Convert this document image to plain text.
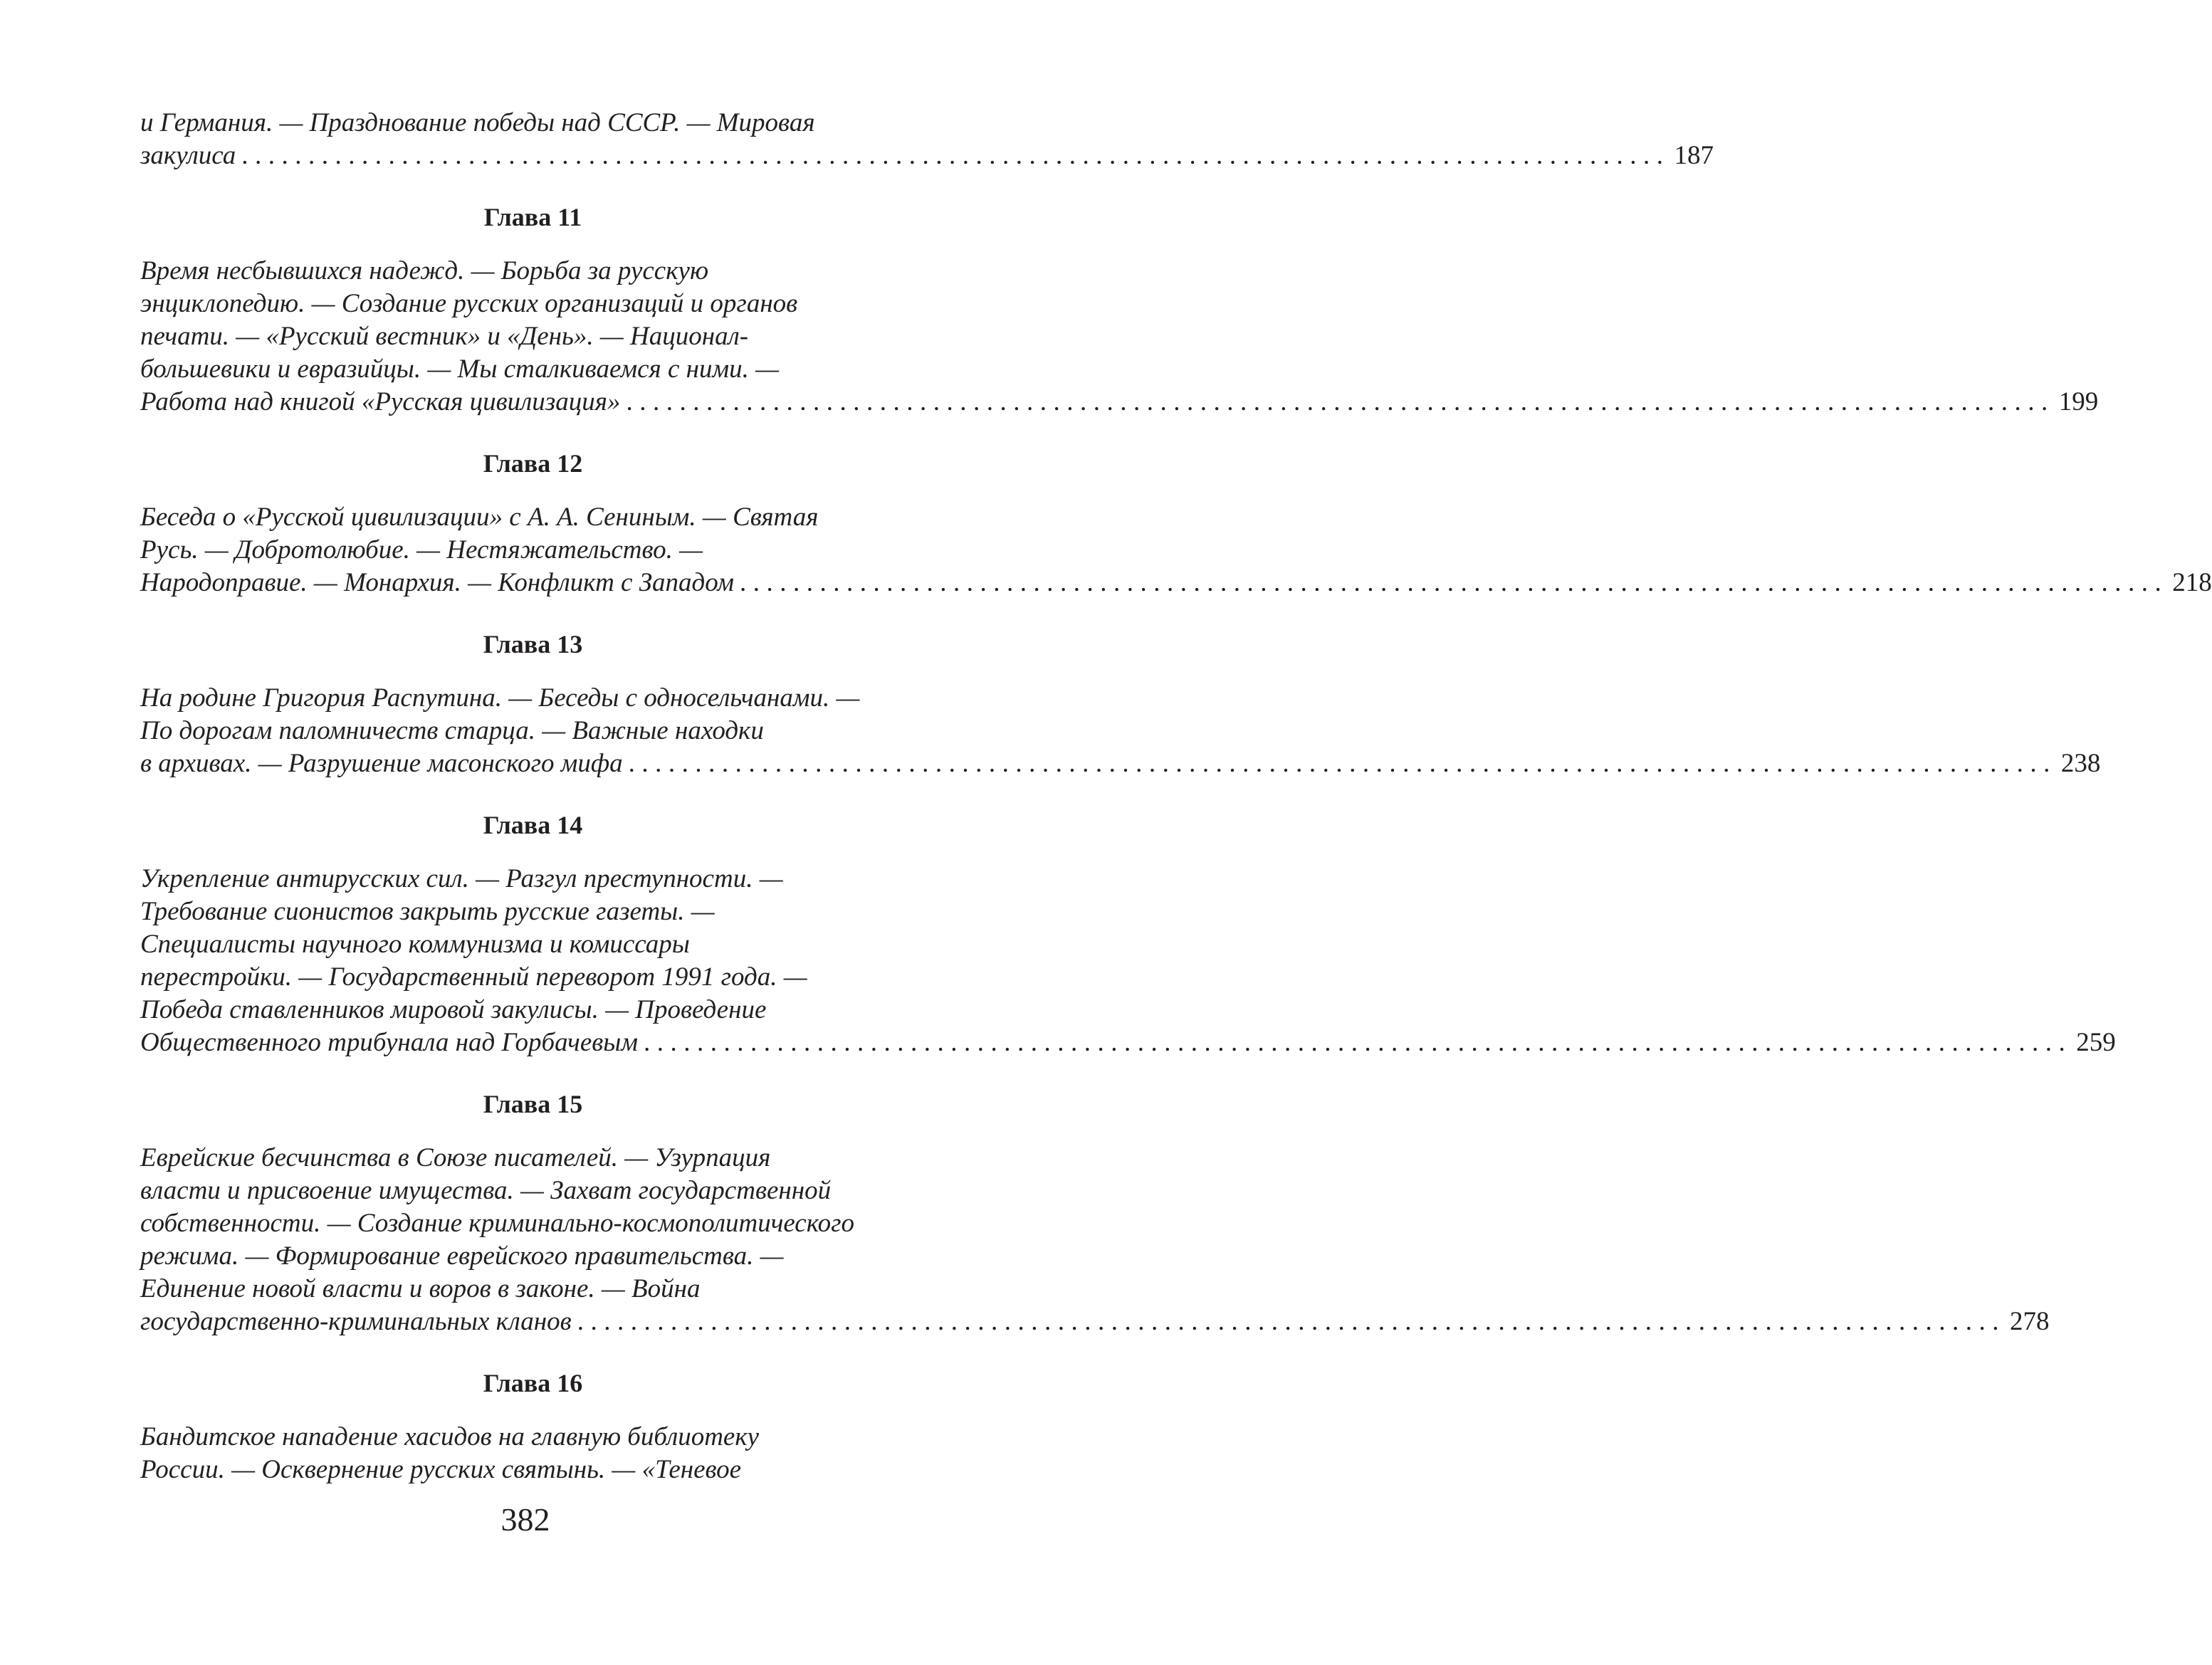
и Германия. — Празднование победы над СССР. — Мировая
закулиса ........................................................................................................... 187
Глава 11
Время несбывшихся надежд. — Борьба за русскую
энциклопедию. — Создание русских организаций и органов
печати. — «Русский вестник» и «День». — Национал-
большевики и евразийцы. — Мы сталкиваемся с ними. —
Работа над книгой «Русская цивилизация» ........................................................................................................... 199
Глава 12
Беседа о «Русской цивилизации» с А. А. Сениным. — Святая
Русь. — Добротолюбие. — Нестяжательство. —
Народоправие. — Монархия. — Конфликт с Западом ........................................................................................................... 218
Глава 13
На родине Григория Распутина. — Беседы с односельчанами. —
По дорогам паломничеств старца. — Важные находки
в архивах. — Разрушение масонского мифа ........................................................................................................... 238
Глава 14
Укрепление антирусских сил. — Разгул преступности. —
Требование сионистов закрыть русские газеты. —
Специалисты научного коммунизма и комиссары
перестройки. — Государственный переворот 1991 года. —
Победа ставленников мировой закулисы. — Проведение
Общественного трибунала над Горбачевым ........................................................................................................... 259
Глава 15
Еврейские бесчинства в Союзе писателей. — Узурпация
власти и присвоение имущества. — Захват государственной
собственности. — Создание криминально-космополитического
режима. — Формирование еврейского правительства. —
Единение новой власти и воров в законе. — Война
государственно-криминальных кланов ........................................................................................................... 278
Глава 16
Бандитское нападение хасидов на главную библиотеку
России. — Осквернение русских святынь. — «Теневое
382
